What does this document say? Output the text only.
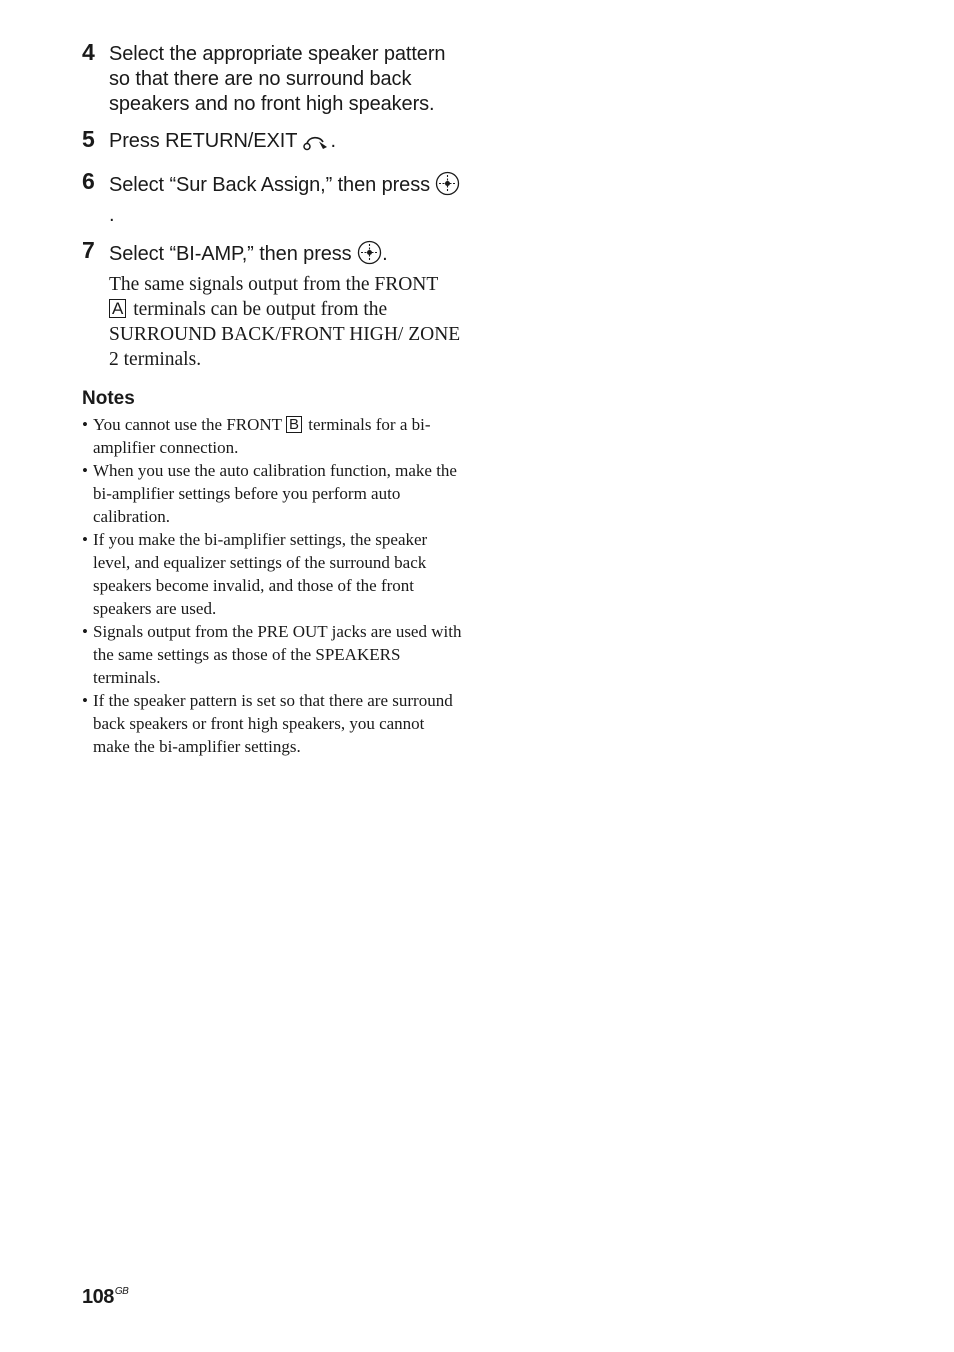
4 Select the appropriate speaker pattern so that there are no surround back speakers and no front high speakers.
5 Press RETURN/EXIT .
6 Select “Sur Back Assign,” then press .
7 Select “BI-AMP,” then press .
The same signals output from the FRONT A terminals can be output from the SURROUND BACK/FRONT HIGH/ ZONE 2 terminals.
Notes
• You cannot use the FRONT B terminals for a bi-amplifier connection.
• When you use the auto calibration function, make the bi-amplifier settings before you perform auto calibration.
• If you make the bi-amplifier settings, the speaker level, and equalizer settings of the surround back speakers become invalid, and those of the front speakers are used.
• Signals output from the PRE OUT jacks are used with the same settings as those of the SPEAKERS terminals.
• If the speaker pattern is set so that there are surround back speakers or front high speakers, you cannot make the bi-amplifier settings.
$108^{GB}$
